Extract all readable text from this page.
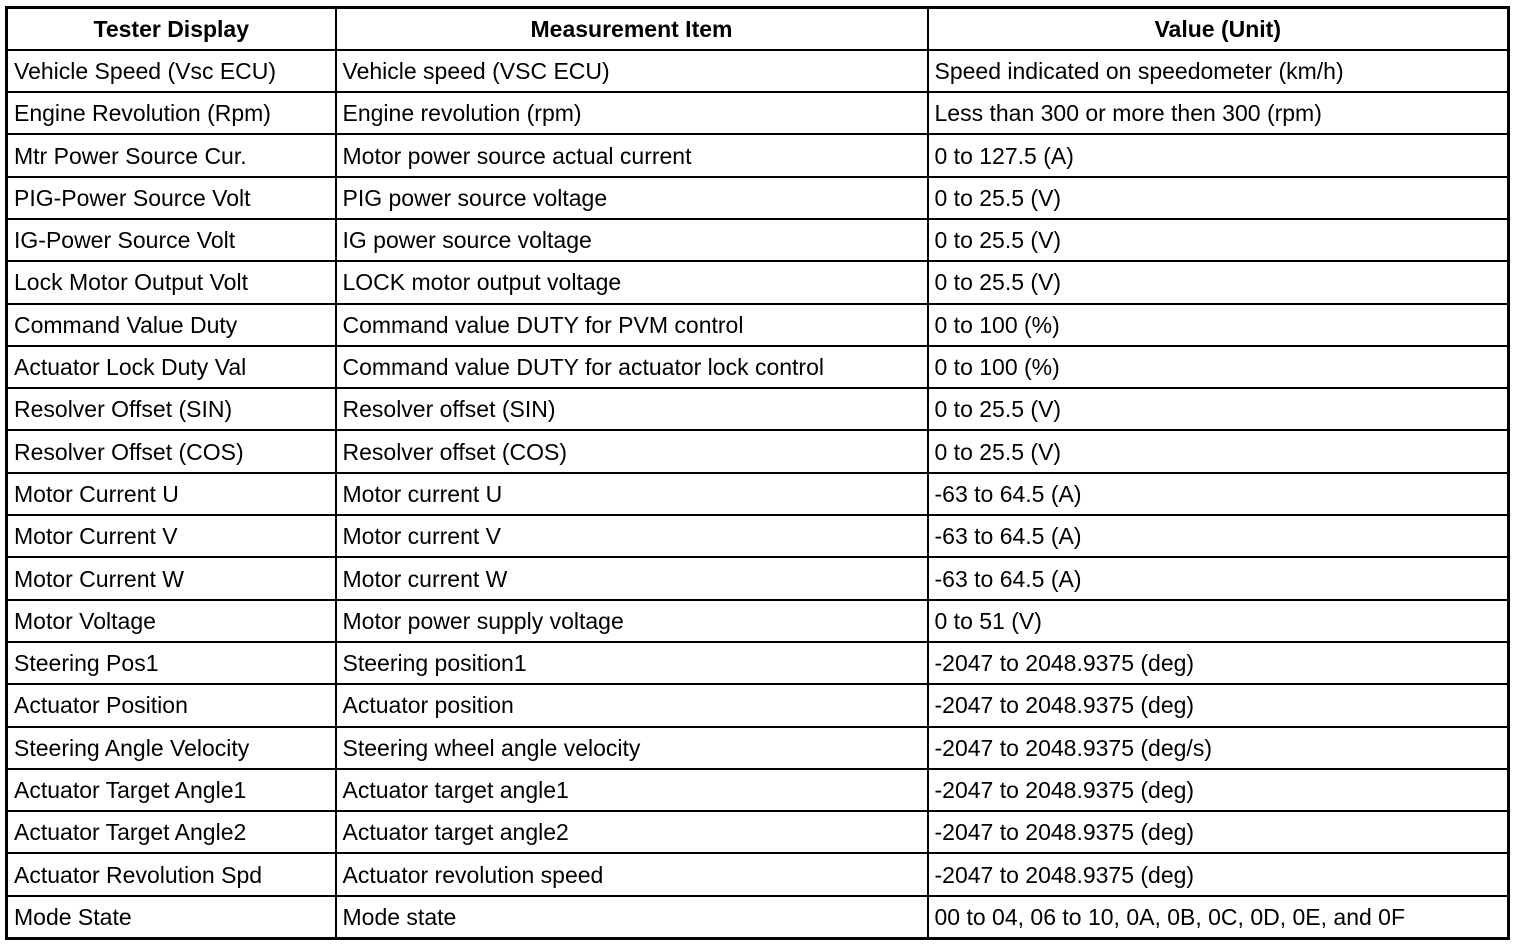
Tester Display	Measurement Item	Value (Unit)
Vehicle Speed (Vsc ECU)	Vehicle speed (VSC ECU)	Speed indicated on speedometer (km/h)
Engine Revolution (Rpm)	Engine revolution (rpm)	Less than 300 or more then 300 (rpm)
Mtr Power Source Cur.	Motor power source actual current	0 to 127.5 (A)
PIG-Power Source Volt	PIG power source voltage	0 to 25.5 (V)
IG-Power Source Volt	IG power source voltage	0 to 25.5 (V)
Lock Motor Output Volt	LOCK motor output voltage	0 to 25.5 (V)
Command Value Duty	Command value DUTY for PVM control	0 to 100 (%)
Actuator Lock Duty Val	Command value DUTY for actuator lock control	0 to 100 (%)
Resolver Offset (SIN)	Resolver offset (SIN)	0 to 25.5 (V)
Resolver Offset (COS)	Resolver offset (COS)	0 to 25.5 (V)
Motor Current U	Motor current U	-63 to 64.5 (A)
Motor Current V	Motor current V	-63 to 64.5 (A)
Motor Current W	Motor current W	-63 to 64.5 (A)
Motor Voltage	Motor power supply voltage	0 to 51 (V)
Steering Pos1	Steering position1	-2047 to 2048.9375 (deg)
Actuator Position	Actuator position	-2047 to 2048.9375 (deg)
Steering Angle Velocity	Steering wheel angle velocity	-2047 to 2048.9375 (deg/s)
Actuator Target Angle1	Actuator target angle1	-2047 to 2048.9375 (deg)
Actuator Target Angle2	Actuator target angle2	-2047 to 2048.9375 (deg)
Actuator Revolution Spd	Actuator revolution speed	-2047 to 2048.9375 (deg)
Mode State	Mode state	00 to 04, 06 to 10, 0A, 0B, 0C, 0D, 0E, and 0F
